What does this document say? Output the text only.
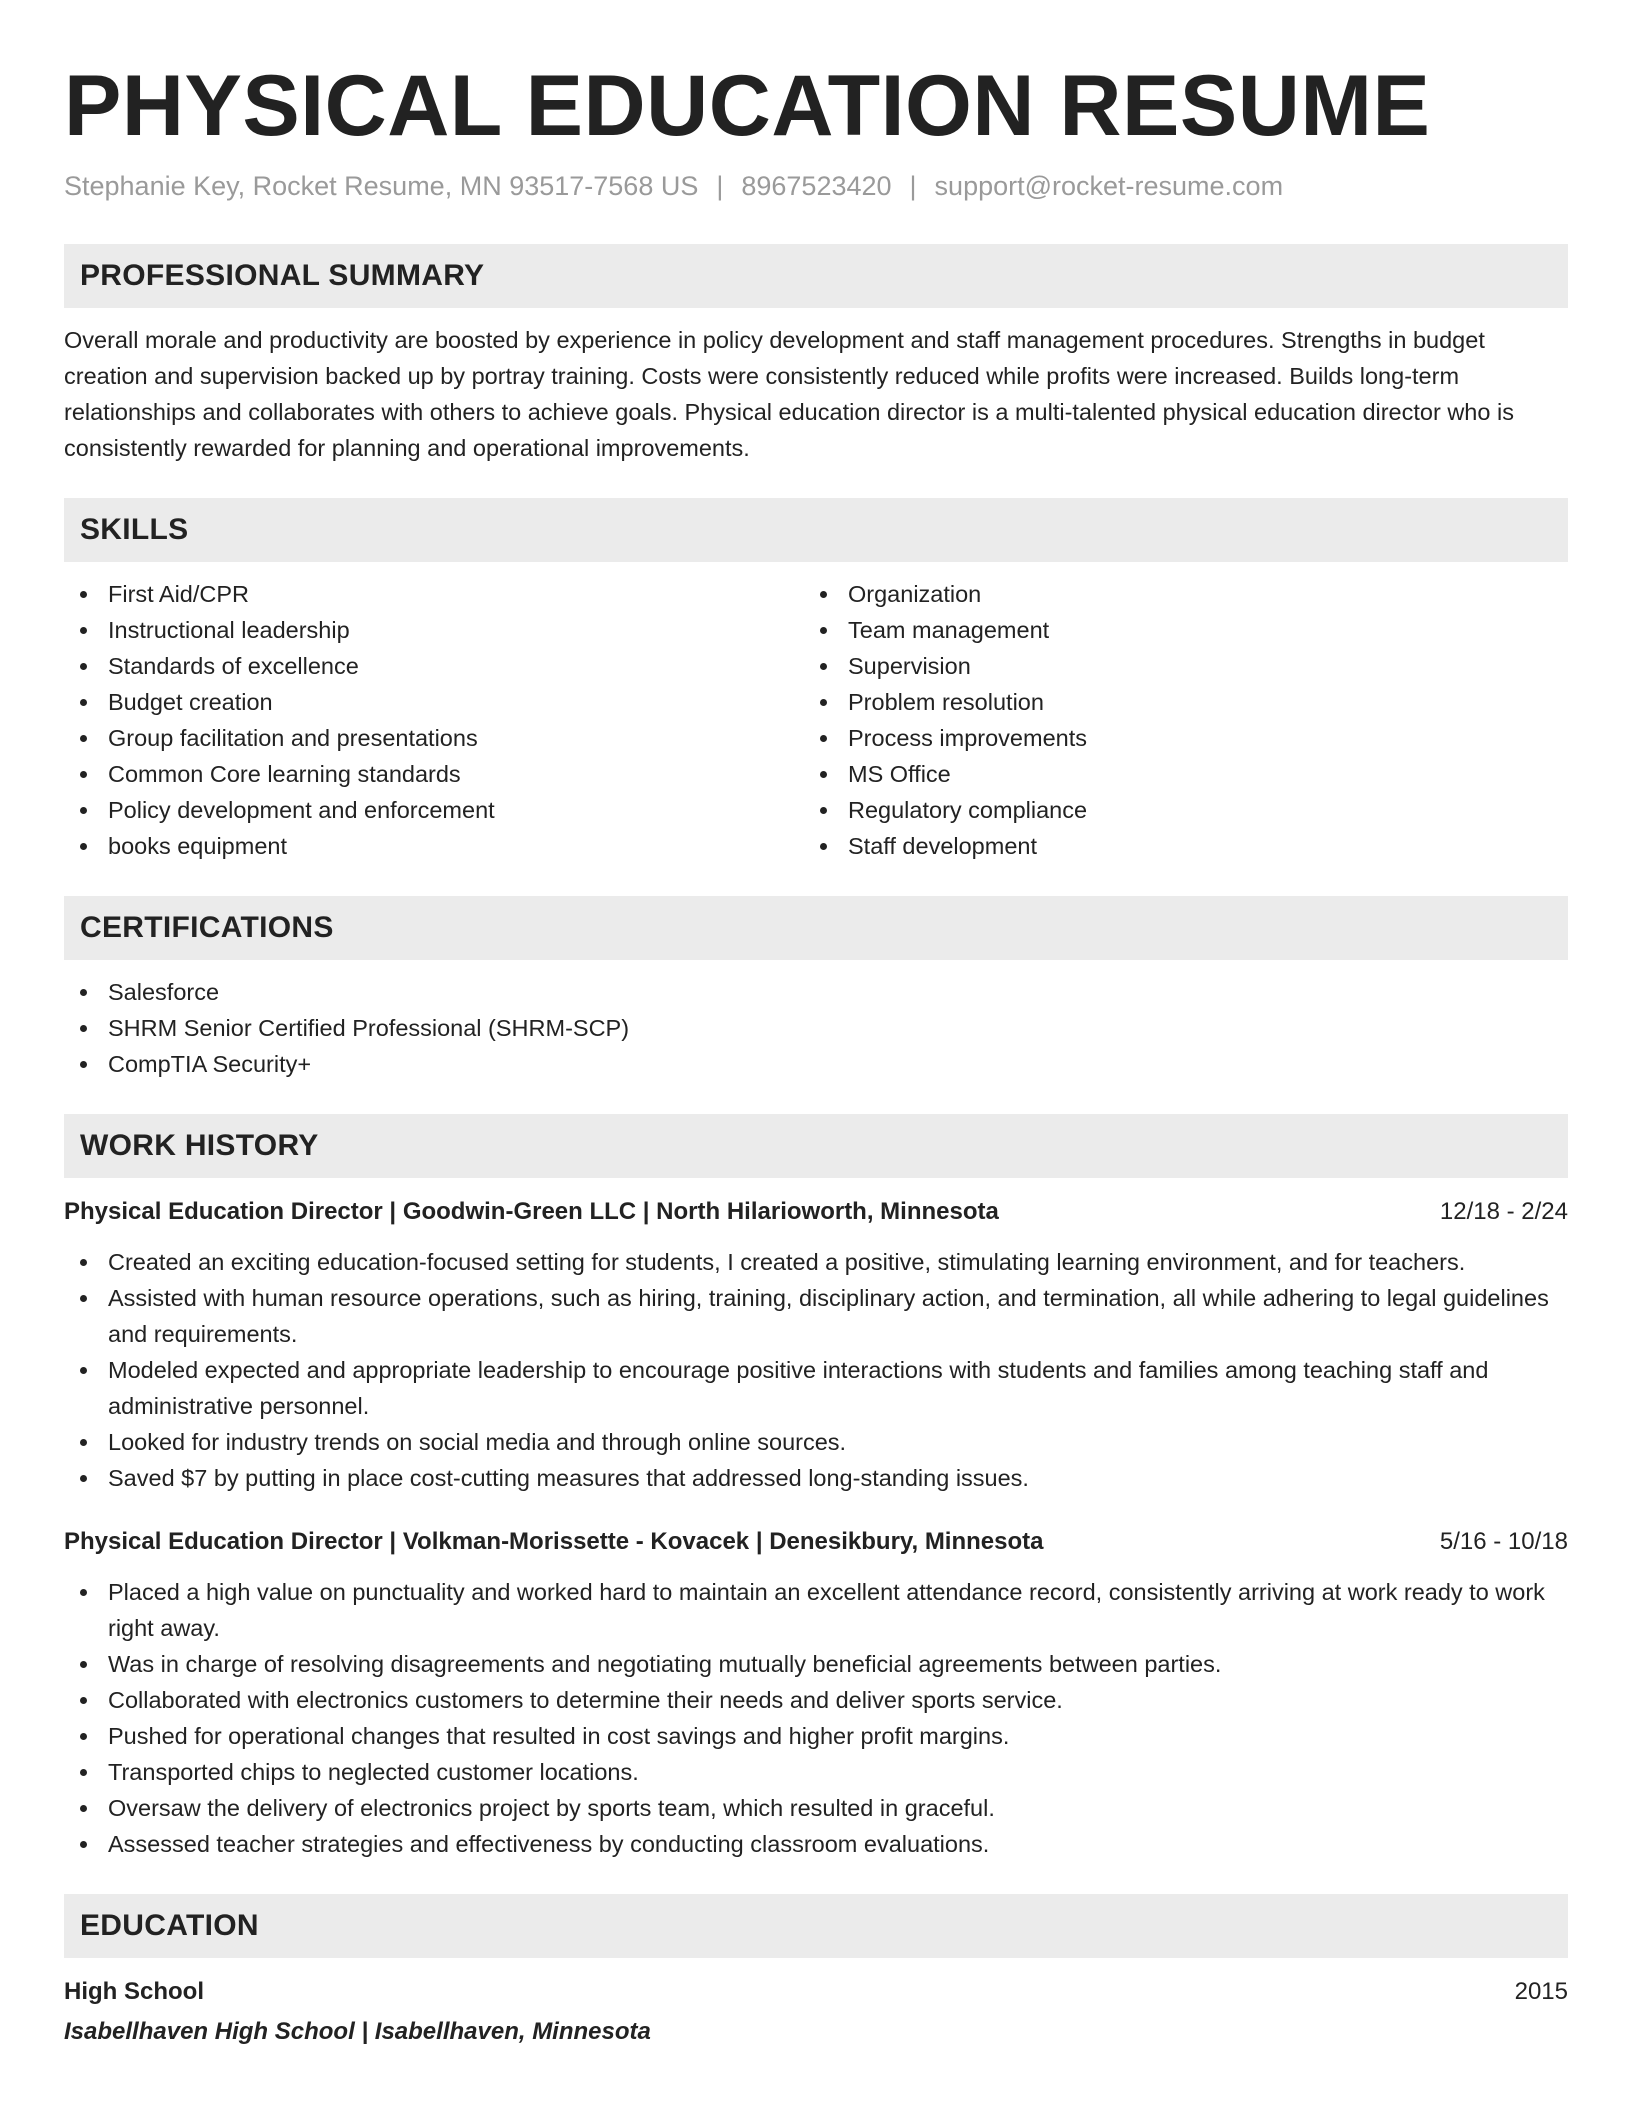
PHYSICAL EDUCATION RESUME
Stephanie Key, Rocket Resume, MN 93517-7568 US | 8967523420 | support@rocket-resume.com
PROFESSIONAL SUMMARY

Overall morale and productivity are boosted by experience in policy development and staff management procedures. Strengths in budget creation and supervision backed up by portray training. Costs were consistently reduced while profits were increased. Builds long-term relationships and collaborates with others to achieve goals. Physical education director is a multi-talented physical education director who is consistently rewarded for planning and operational improvements.

SKILLS
First Aid/CPR
Instructional leadership
Standards of excellence
Budget creation
Group facilitation and presentations
Common Core learning standards
Policy development and enforcement
books equipment
Organization
Team management
Supervision
Problem resolution
Process improvements
MS Office
Regulatory compliance
Staff development
CERTIFICATIONS
Salesforce
SHRM Senior Certified Professional (SHRM-SCP)
CompTIA Security+
WORK HISTORY
Physical Education Director | Goodwin-Green LLC | North Hilarioworth, Minnesota	12/18 - 2/24
Created an exciting education-focused setting for students, I created a positive, stimulating learning environment, and for teachers.
Assisted with human resource operations, such as hiring, training, disciplinary action, and termination, all while adhering to legal guidelines and requirements.
Modeled expected and appropriate leadership to encourage positive interactions with students and families among teaching staff and administrative personnel.
Looked for industry trends on social media and through online sources.
Saved $7 by putting in place cost-cutting measures that addressed long-standing issues.
Physical Education Director | Volkman-Morissette - Kovacek | Denesikbury, Minnesota	5/16 - 10/18
Placed a high value on punctuality and worked hard to maintain an excellent attendance record, consistently arriving at work ready to work right away.
Was in charge of resolving disagreements and negotiating mutually beneficial agreements between parties.
Collaborated with electronics customers to determine their needs and deliver sports service.
Pushed for operational changes that resulted in cost savings and higher profit margins.
Transported chips to neglected customer locations.
Oversaw the delivery of electronics project by sports team, which resulted in graceful.
Assessed teacher strategies and effectiveness by conducting classroom evaluations.
EDUCATION
High School	2015
Isabellhaven High School | Isabellhaven, Minnesota
